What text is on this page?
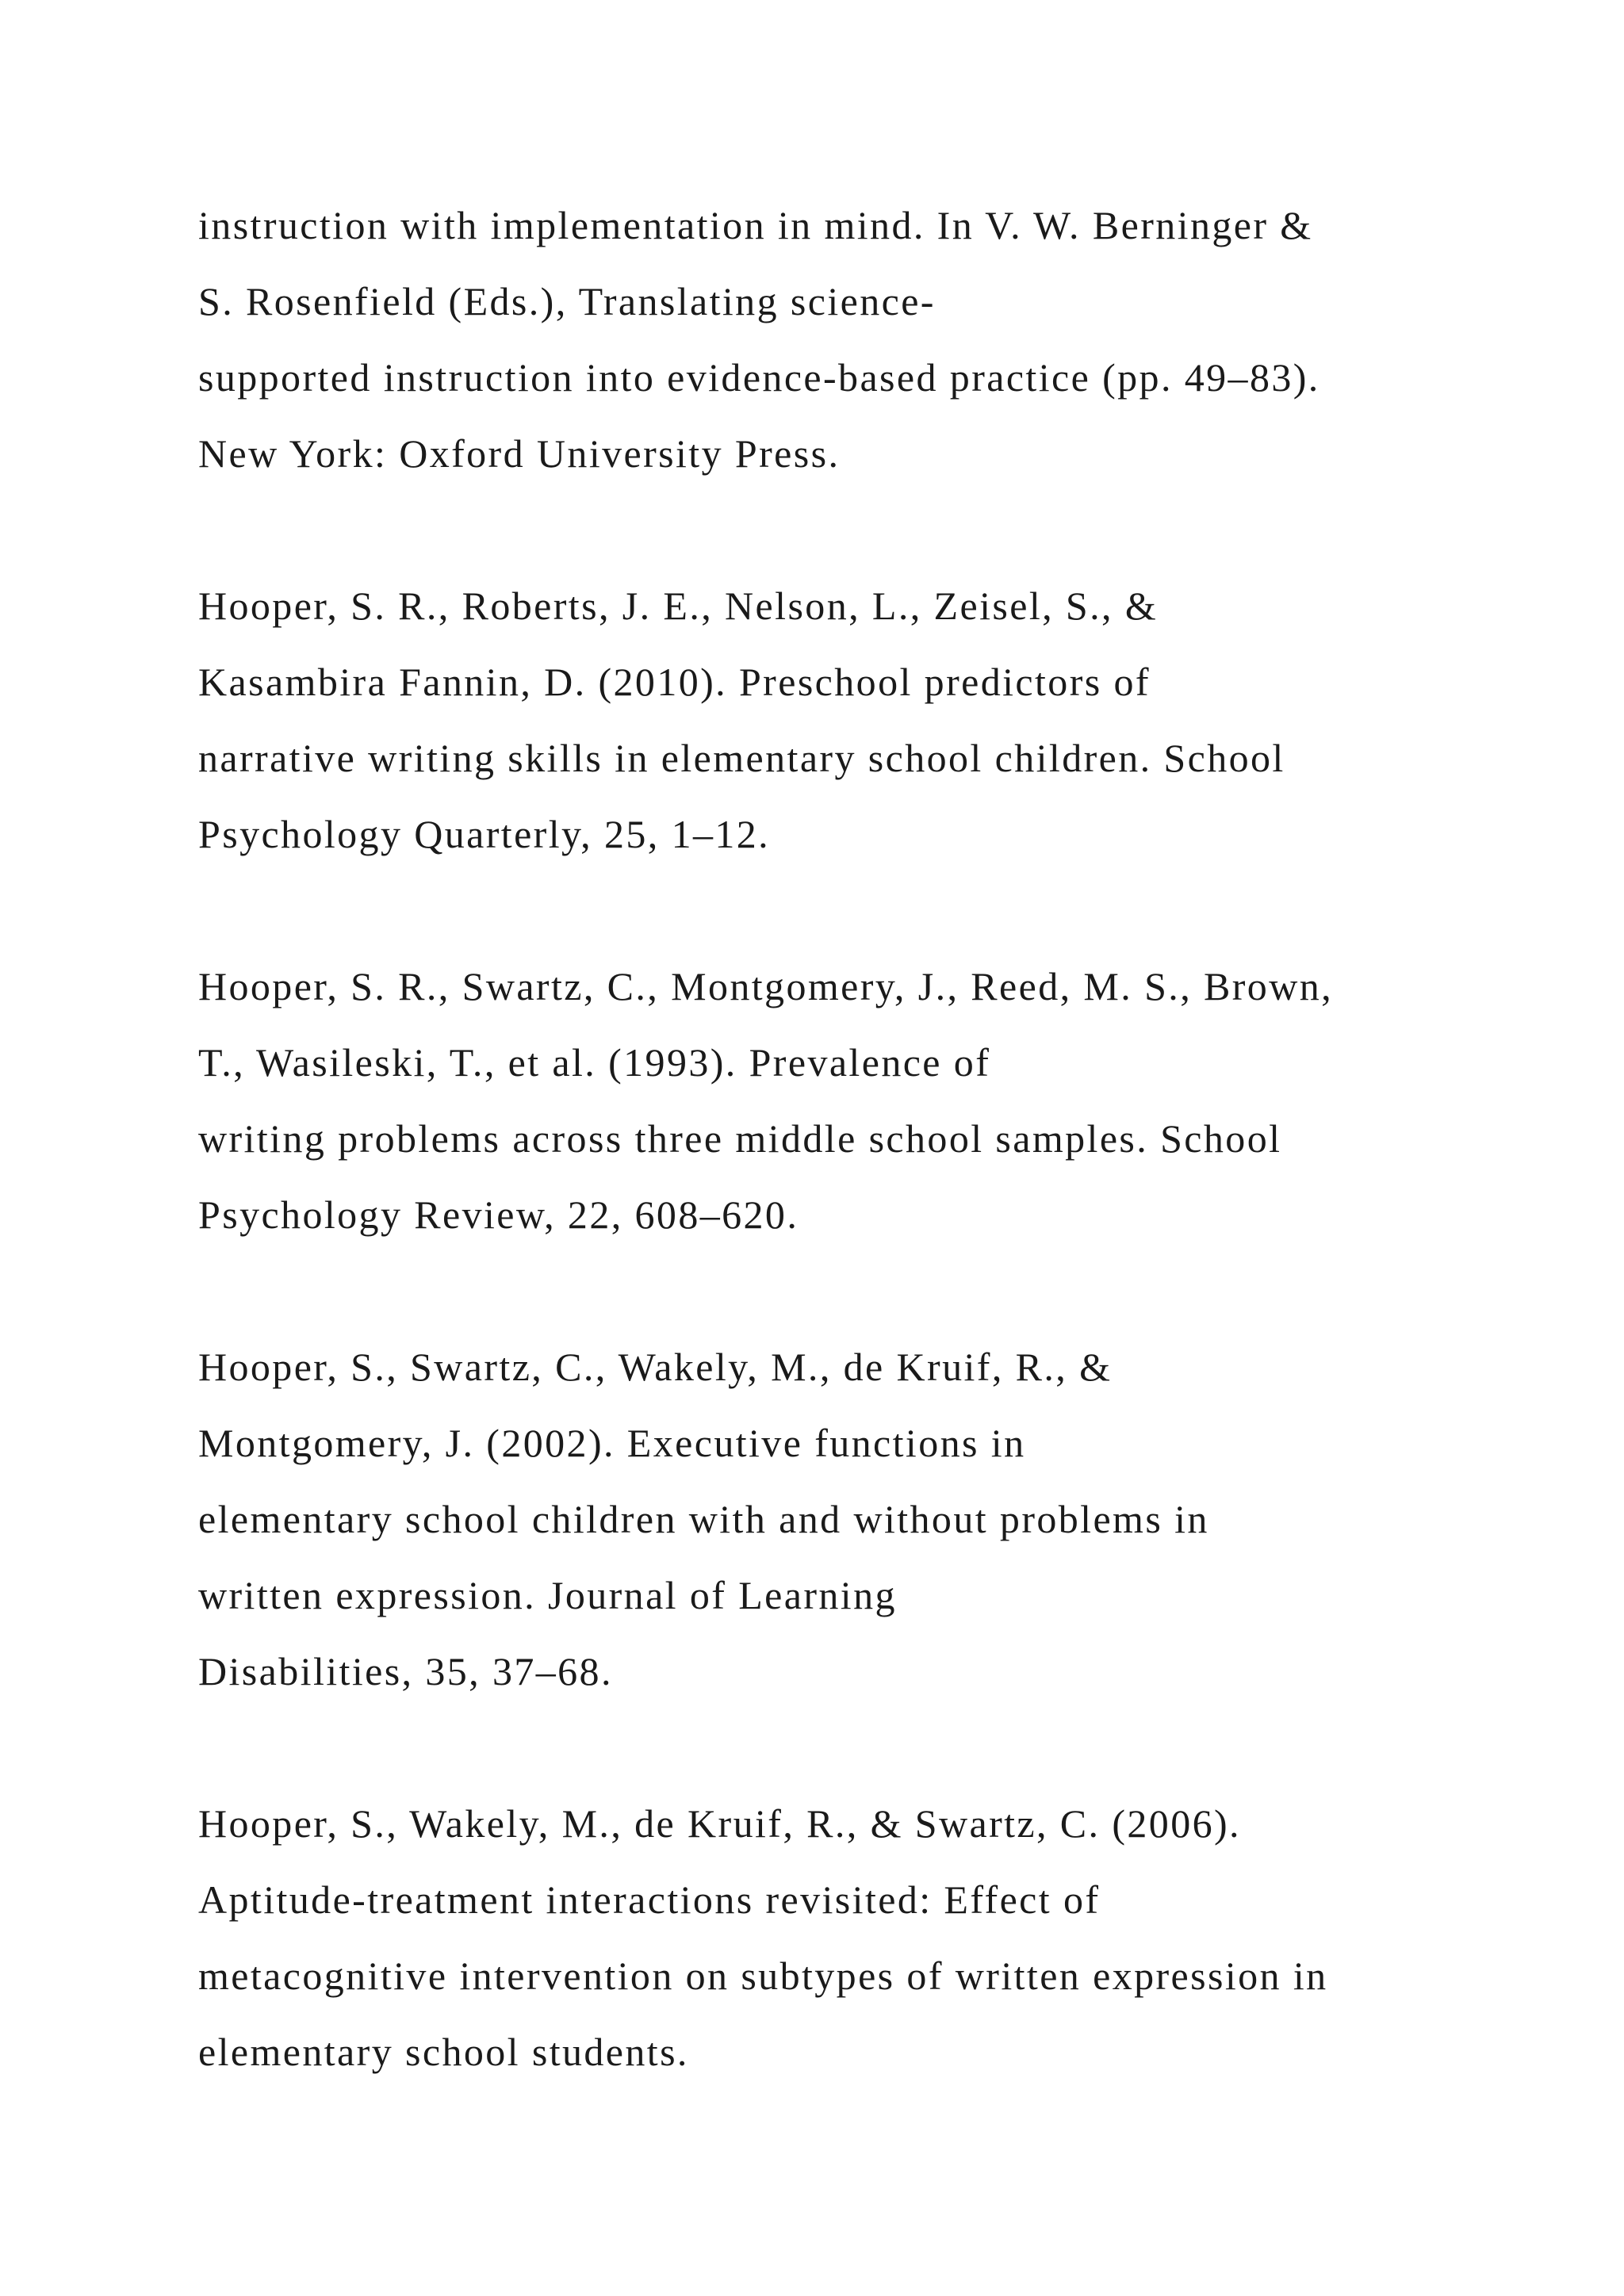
instruction with implementation in mind. In V. W. Berninger &
S. Rosenfield (Eds.), Translating science-
supported instruction into evidence-based practice (pp. 49–83).
New York: Oxford University Press.
Hooper, S. R., Roberts, J. E., Nelson, L., Zeisel, S., &
Kasambira Fannin, D. (2010). Preschool predictors of
narrative writing skills in elementary school children. School
Psychology Quarterly, 25, 1–12.
Hooper, S. R., Swartz, C., Montgomery, J., Reed, M. S., Brown,
T., Wasileski, T., et al. (1993). Prevalence of
writing problems across three middle school samples. School
Psychology Review, 22, 608–620.
Hooper, S., Swartz, C., Wakely, M., de Kruif, R., &
Montgomery, J. (2002). Executive functions in
elementary school children with and without problems in
written expression. Journal of Learning
Disabilities, 35, 37–68.
Hooper, S., Wakely, M., de Kruif, R., & Swartz, C. (2006).
Aptitude-treatment interactions revisited: Effect of
metacognitive intervention on subtypes of written expression in
elementary school students.
